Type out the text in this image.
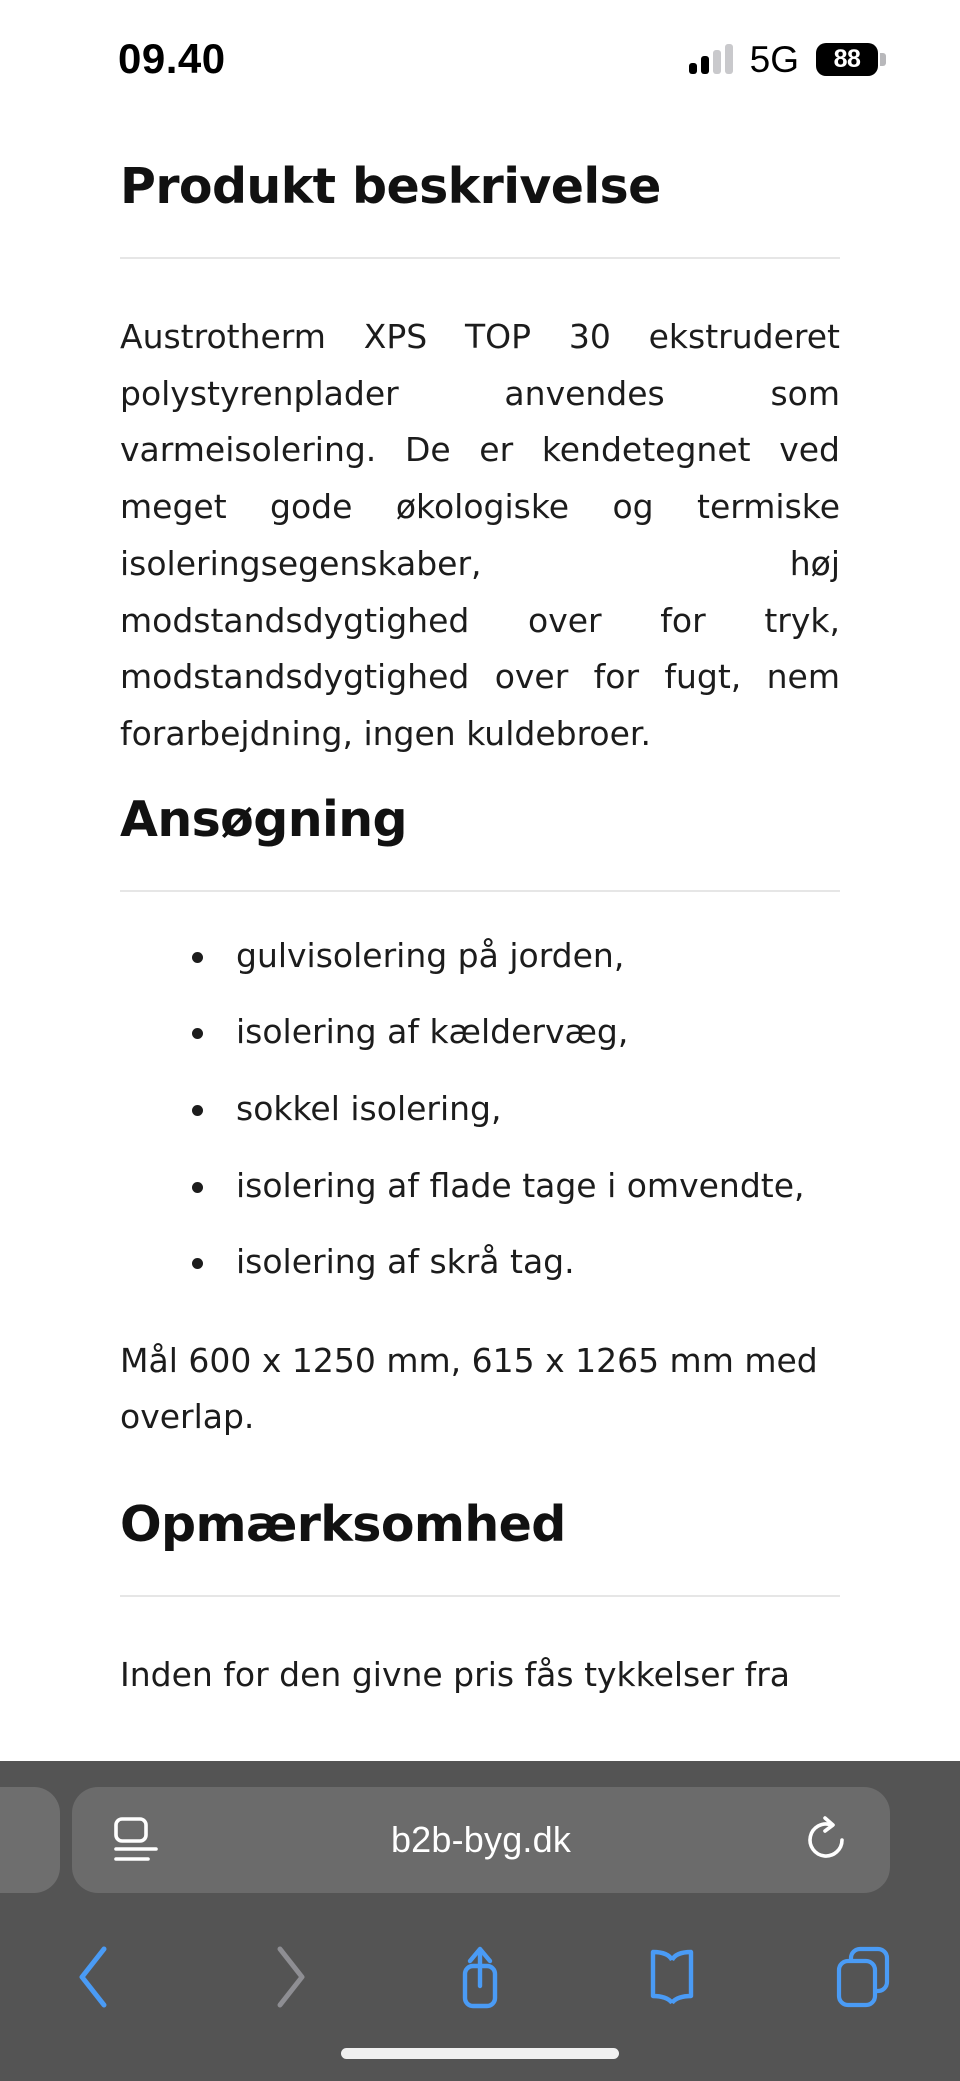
09.40	5G 88
Produkt beskrivelse

Austrotherm XPS TOP 30 ekstruderet polystyrenplader anvendes som varmeisolering. De er kendetegnet ved meget gode økologiske og termiske isoleringsegenskaber, høj modstandsdygtighed over for tryk, modstandsdygtighed over for fugt, nem forarbejdning, ingen kuldebroer.

Ansøgning
gulvisolering på jorden,
isolering af kældervæg,
sokkel isolering,
isolering af flade tage i omvendte,
isolering af skrå tag.

Mål 600 x 1250 mm, 615 x 1265 mm med overlap.

Opmærksomhed

Inden for den givne pris fås tykkelser fra

b2b-byg.dk
